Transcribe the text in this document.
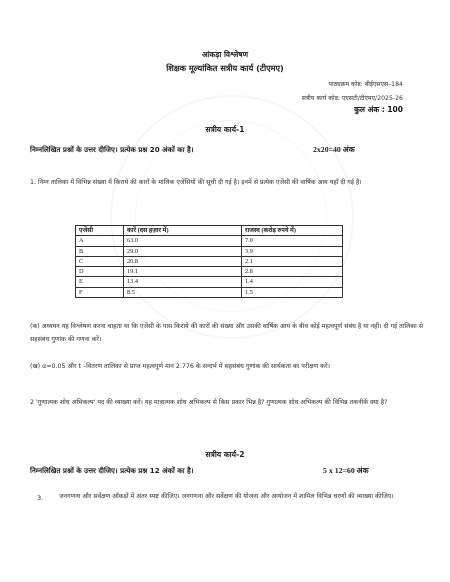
आंकड़ा विश्लेषण
शिक्षक मूल्यांकित सत्रीय कार्य (टीएमए)
पाठ्यक्रम कोड: बीईएसएस–184
सत्रीय कार्य कोड: एएसटी/टीएमए/2025-26
कुल अंक : 100
सत्रीय कार्य-1
निम्नलिखित प्रश्नों के उत्तर दीजिए। प्रत्येक प्रश्न 20 अंकों का है।	2x20=40 अंक
1. निम्न तालिका में विभिन्न संख्या में किराये की कारों के मालिक एजेंसियों की सूची दी गई है। इनमें से प्रत्येक एजेंसी की वार्षिक आय यहाँ दी गई है।
एजेंसी	कारें (दस हज़ार में)	राजस्व (करोड़ रुपये में)
A	63.0	7.0
B	29.0	3.9
C	20.8	2.1
D	19.1	2.8
E	13.4	1.4
F	8.5	1.5
(क) अध्ययन यह विश्लेषण करना चाहता था कि एजेंसी के पास किराये की कारों की संख्या और उसकी वार्षिक आय के बीच कोई महत्वपूर्ण संबंध है या नहीं। दी गई तालिका से सहसंबंध गुणांक की गणना करें।
(ख) α=0.05 और t –वितरण तालिका से प्राप्त महत्वपूर्ण मान 2.776 के सन्दर्भ में सहसंबंध गुणांक की सार्थकता का परीक्षण करें।
2 'गुणात्मक शोध अभिकल्प' पद की व्याख्या करें। यह मात्रात्मक शोध अभिकल्प से किस प्रकार भिन्न है? गुणात्मक शोध अभिकल्प की विभिन्न तकनीकें क्या है?
सत्रीय कार्य-2
निम्नलिखित प्रश्नों के उत्तर दीजिए। प्रत्येक प्रश्न 12 अंकों का है।	5 x 12=60 अंक
3.	जनगणना और सर्वेक्षण आँकड़ों में अंतर स्पष्ट कीजिए। जनगणना और सर्वेक्षण की योजना और आयोजन में शामिल विभिन्न चरणों की व्याख्या कीजिए।
